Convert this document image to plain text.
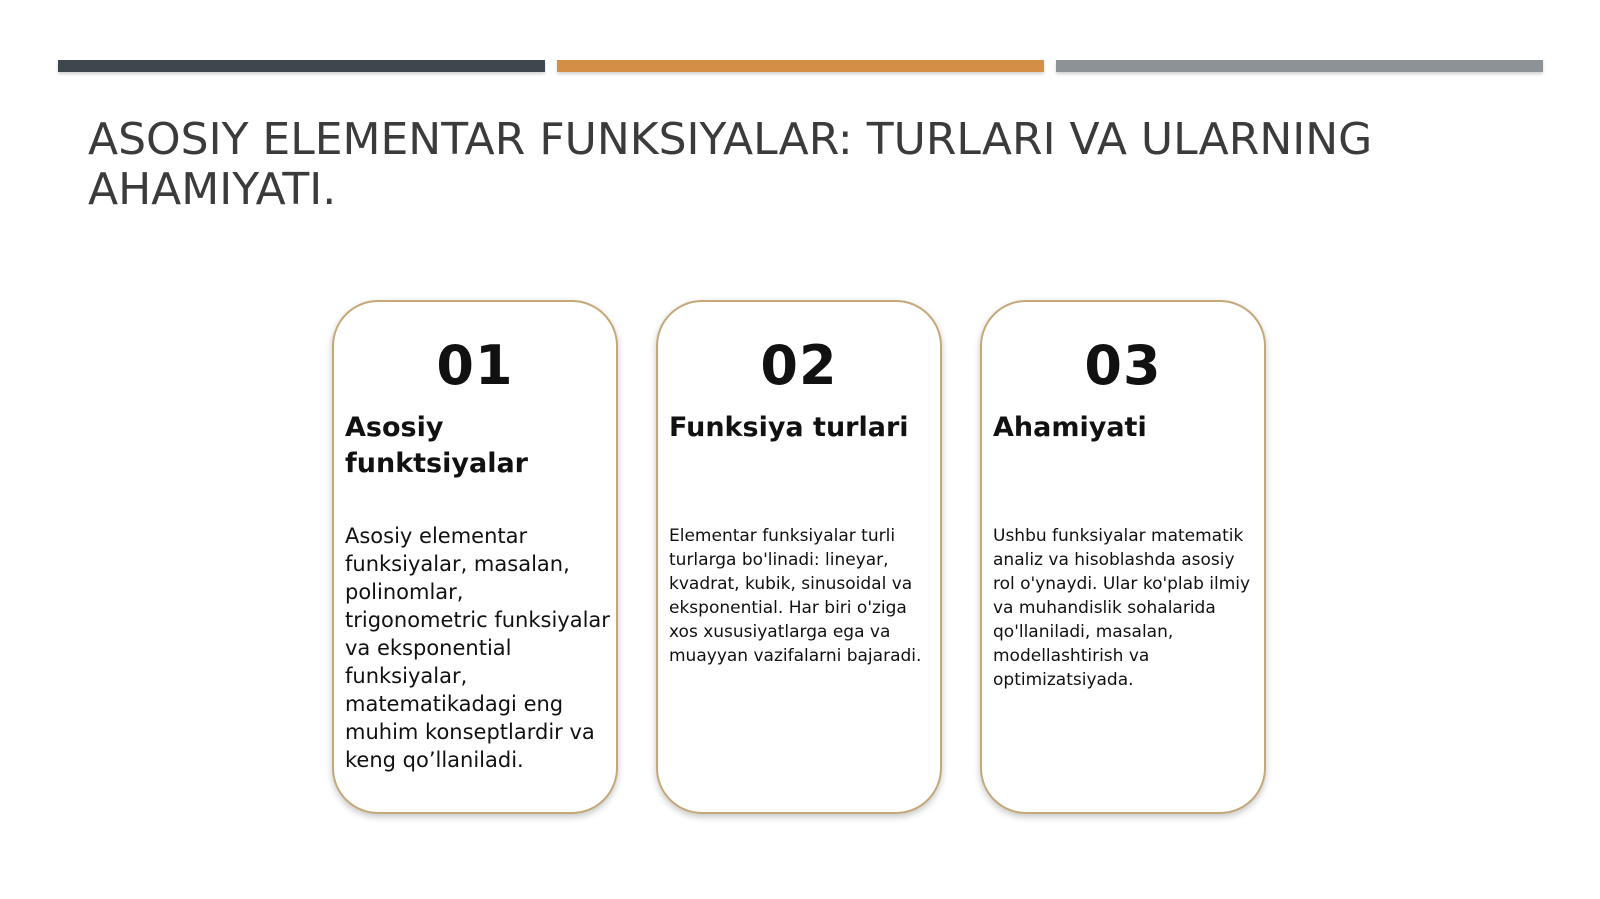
ASOSIY ELEMENTAR FUNKSIYALAR: TURLARI VA ULARNING AHAMIYATI.
01
Asosiy funktsiyalar
Asosiy elementar funksiyalar, masalan, polinomlar, trigonometric funksiyalar va eksponential funksiyalar, matematikadagi eng muhim konseptlardir va keng qo’llaniladi.
02
Funksiya turlari
Elementar funksiyalar turli turlarga bo'linadi: lineyar, kvadrat, kubik, sinusoidal va eksponential. Har biri o'ziga xos xususiyatlarga ega va muayyan vazifalarni bajaradi.
03
Ahamiyati
Ushbu funksiyalar matematik analiz va hisoblashda asosiy rol o'ynaydi. Ular ko'plab ilmiy va muhandislik sohalarida qo'llaniladi, masalan, modellashtirish va optimizatsiyada.
